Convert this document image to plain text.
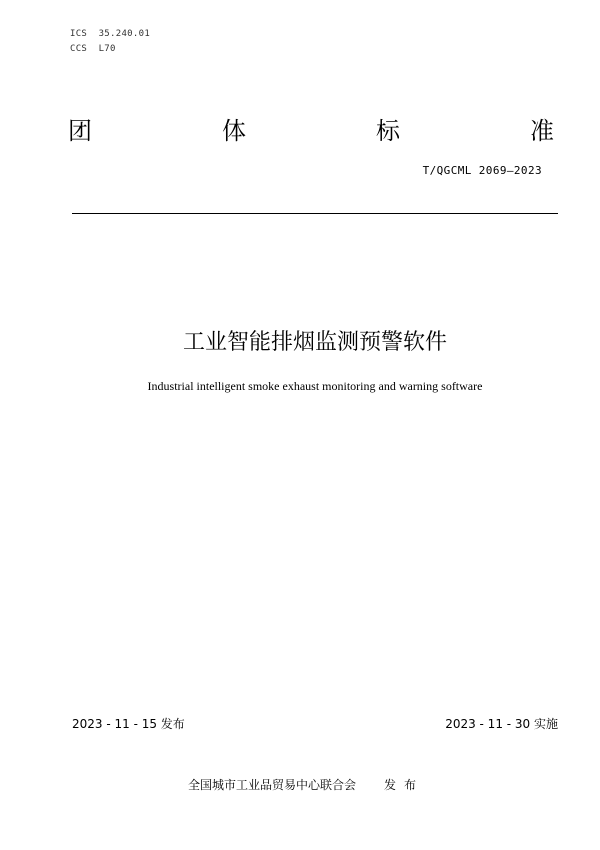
ICS  35.240.01
CCS  L70
团	体	标	准
T/QGCML 2069—2023
工业智能排烟监测预警软件
Industrial intelligent smoke exhaust monitoring and warning software
2023 - 11 - 15 发布	2023 - 11 - 30 实施
全国城市工业品贸易中心联合会 发布
